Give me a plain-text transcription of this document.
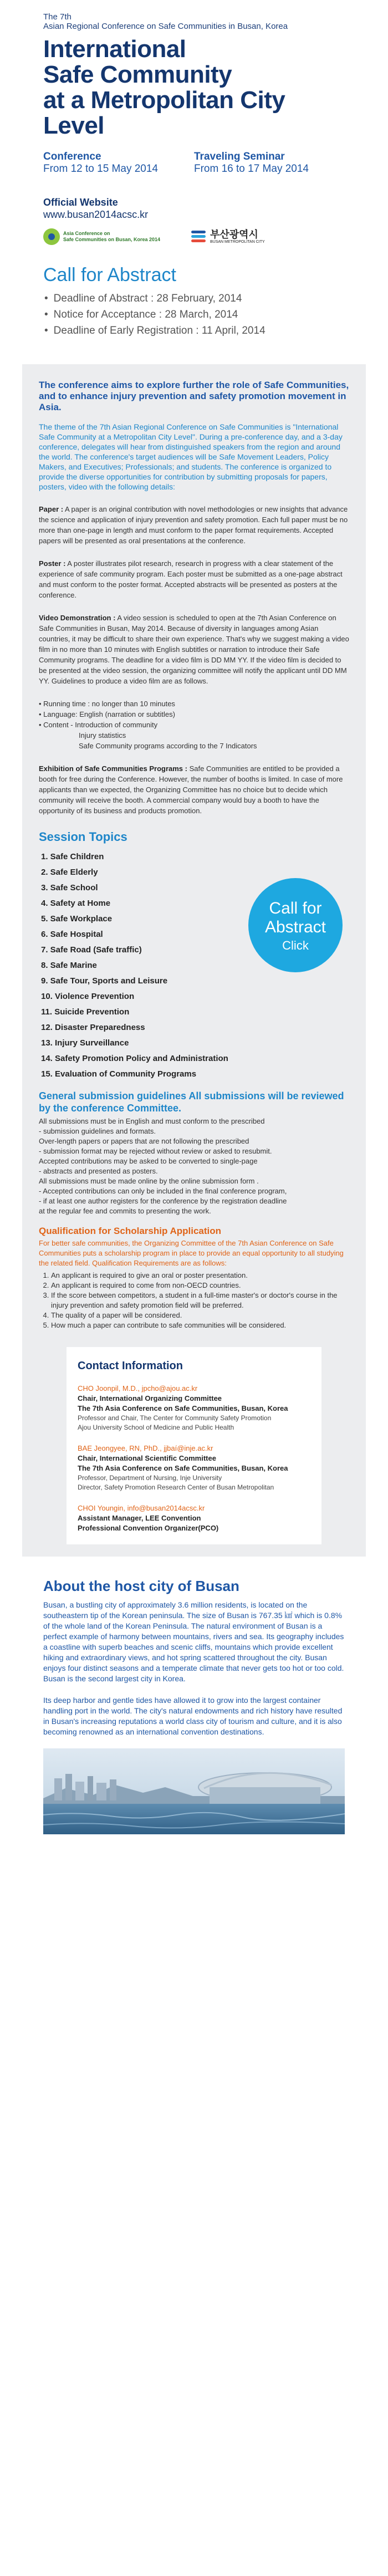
The 7th
Asian Regional Conference on Safe Communities in Busan, Korea
International
Safe Community
at a Metropolitan City Level
Conference
From 12 to 15 May 2014
Traveling Seminar
From 16 to 17 May 2014
Official Website
www.busan2014acsc.kr
Asia Conference on
Safe Communities on Busan, Korea 2014	부산광역시
BUSAN METROPOLITAN CITY
Call for Abstract
• Deadline of Abstract : 28 February, 2014
• Notice for Acceptance : 28 March, 2014
• Deadline of Early Registration : 11 April, 2014
The conference aims to explore further the role of Safe Communities, and to enhance injury prevention and safety promotion movement in Asia.
The theme of the 7th Asian Regional Conference on Safe Communities is "International Safe Community at a Metropolitan City Level". During a pre-conference day, and a 3-day conference, delegates will hear from distinguished speakers from the region and around the world. The conference's target audiences will be Safe Movement Leaders, Policy Makers, and Executives; Professionals; and students. The conference is organized to provide the diverse opportunities for contribution by submitting proposals for papers, posters, video with the following details:
Paper : A paper is an original contribution with novel methodologies or new insights that advance the science and application of injury prevention and safety promotion. Each full paper must be no more than one-page in length and must conform to the paper format requirements. Accepted papers will be presented as oral presentations at the conference.
Poster : A poster illustrates pilot research, research in progress with a clear statement of the experience of safe community program. Each poster must be submitted as a one-page abstract and must conform to the poster format. Accepted abstracts will be presented as posters at the conference.
Video Demonstration : A video session is scheduled to open at the 7th Asian Conference on Safe Communities in Busan, May 2014. Because of diversity in languages among Asian countries, it may be difficult to share their own experience. That's why we suggest making a video film in no more than 10 minutes with English subtitles or narration to introduce their Safe Community programs. The deadline for a video film is DD MM YY. If the video film is decided to be presented at the video session, the organizing committee will notify the applicant until DD MM YY. Guidelines to produce a video film are as follows.
• Running time : no longer than 10 minutes
• Language: English (narration or subtitles)
• Content - Introduction of community
Injury statistics
Safe Community programs according to the 7 Indicators
Exhibition of Safe Communities Programs : Safe Communities are entitled to be provided a booth for free during the Conference. However, the number of booths is limited. In case of more applicants than we expected, the Organizing Committee has no choice but to decide which community will receive the booth. A commercial company would buy a booth to have the opportunity of its business and products promotion.
Session Topics
1. Safe Children
2. Safe Elderly
3. Safe School
4. Safety at Home
5. Safe Workplace
6. Safe Hospital
7. Safe Road (Safe traffic)
8. Safe Marine
9. Safe Tour, Sports and Leisure
10. Violence Prevention
11. Suicide Prevention
12. Disaster Preparedness
13. Injury Surveillance
14. Safety Promotion Policy and Administration
15. Evaluation of Community Programs
Call for
Abstract
Click
General submission guidelines All submissions will be reviewed by the conference Committee.
All submissions must be in English and must conform to the prescribed
- submission guidelines and formats.
Over-length papers or papers that are not following the prescribed
- submission format may be rejected without review or asked to resubmit.
Accepted contributions may be asked to be converted to single-page
- abstracts and presented as posters.
All submissions must be made online by the online submission form .
- Accepted contributions can only be included in the final conference program,
- if at least one author registers for the conference by the registration deadline
at the regular fee and commits to presenting the work.
Qualification for Scholarship Application
For better safe communities, the Organizing Committee of the 7th Asian Conference on Safe Communities puts a scholarship program in place to provide an equal opportunity to all studying the related field. Qualification Requirements are as follows:
1. An applicant is required to give an oral or poster presentation.
2. An applicant is required to come from non-OECD countries.
3. If the score between competitors, a student in a full-time master's or doctor's course in the injury prevention and safety promotion field will be preferred.
4. The quality of a paper will be considered.
5. How much a paper can contribute to safe communities will be considered.
Contact Information
CHO Joonpil, M.D., jpcho@ajou.ac.kr
Chair, International Organizing Committee
The 7th Asia Conference on Safe Communities, Busan, Korea
Professor and Chair, The Center for Community Safety Promotion
Ajou University School of Medicine and Public Health
BAE Jeongyee, RN, PhD., jjbaí@inje.ac.kr
Chair, International Scientific Committee
The 7th Asia Conference on Safe Communities, Busan, Korea
Professor, Department of Nursing, Inje University
Director, Safety Promotion Research Center of Busan Metropolitan
CHOI Youngin, info@busan2014acsc.kr
Assistant Manager, LEE Convention
Professional Convention Organizer(PCO)
About the host city of Busan

Busan, a bustling city of approximately 3.6 million residents, is located on the southeastern tip of the Korean peninsula. The size of Busan is 767.35 ㎢ which is 0.8% of the whole land of the Korean Peninsula. The natural environment of Busan is a perfect example of harmony between mountains, rivers and sea. Its geography includes a coastline with superb beaches and scenic cliffs, mountains which provide excellent hiking and extraordinary views, and hot spring scattered throughout the city. Busan enjoys four distinct seasons and a temperate climate that never gets too hot or too cold. Busan is the second largest city in Korea.

Its deep harbor and gentle tides have allowed it to grow into the largest container handling port in the world. The city's natural endowments and rich history have resulted in Busan's increasing reputations a world class city of tourism and culture, and it is also becoming renowned as an international convention destinations.
